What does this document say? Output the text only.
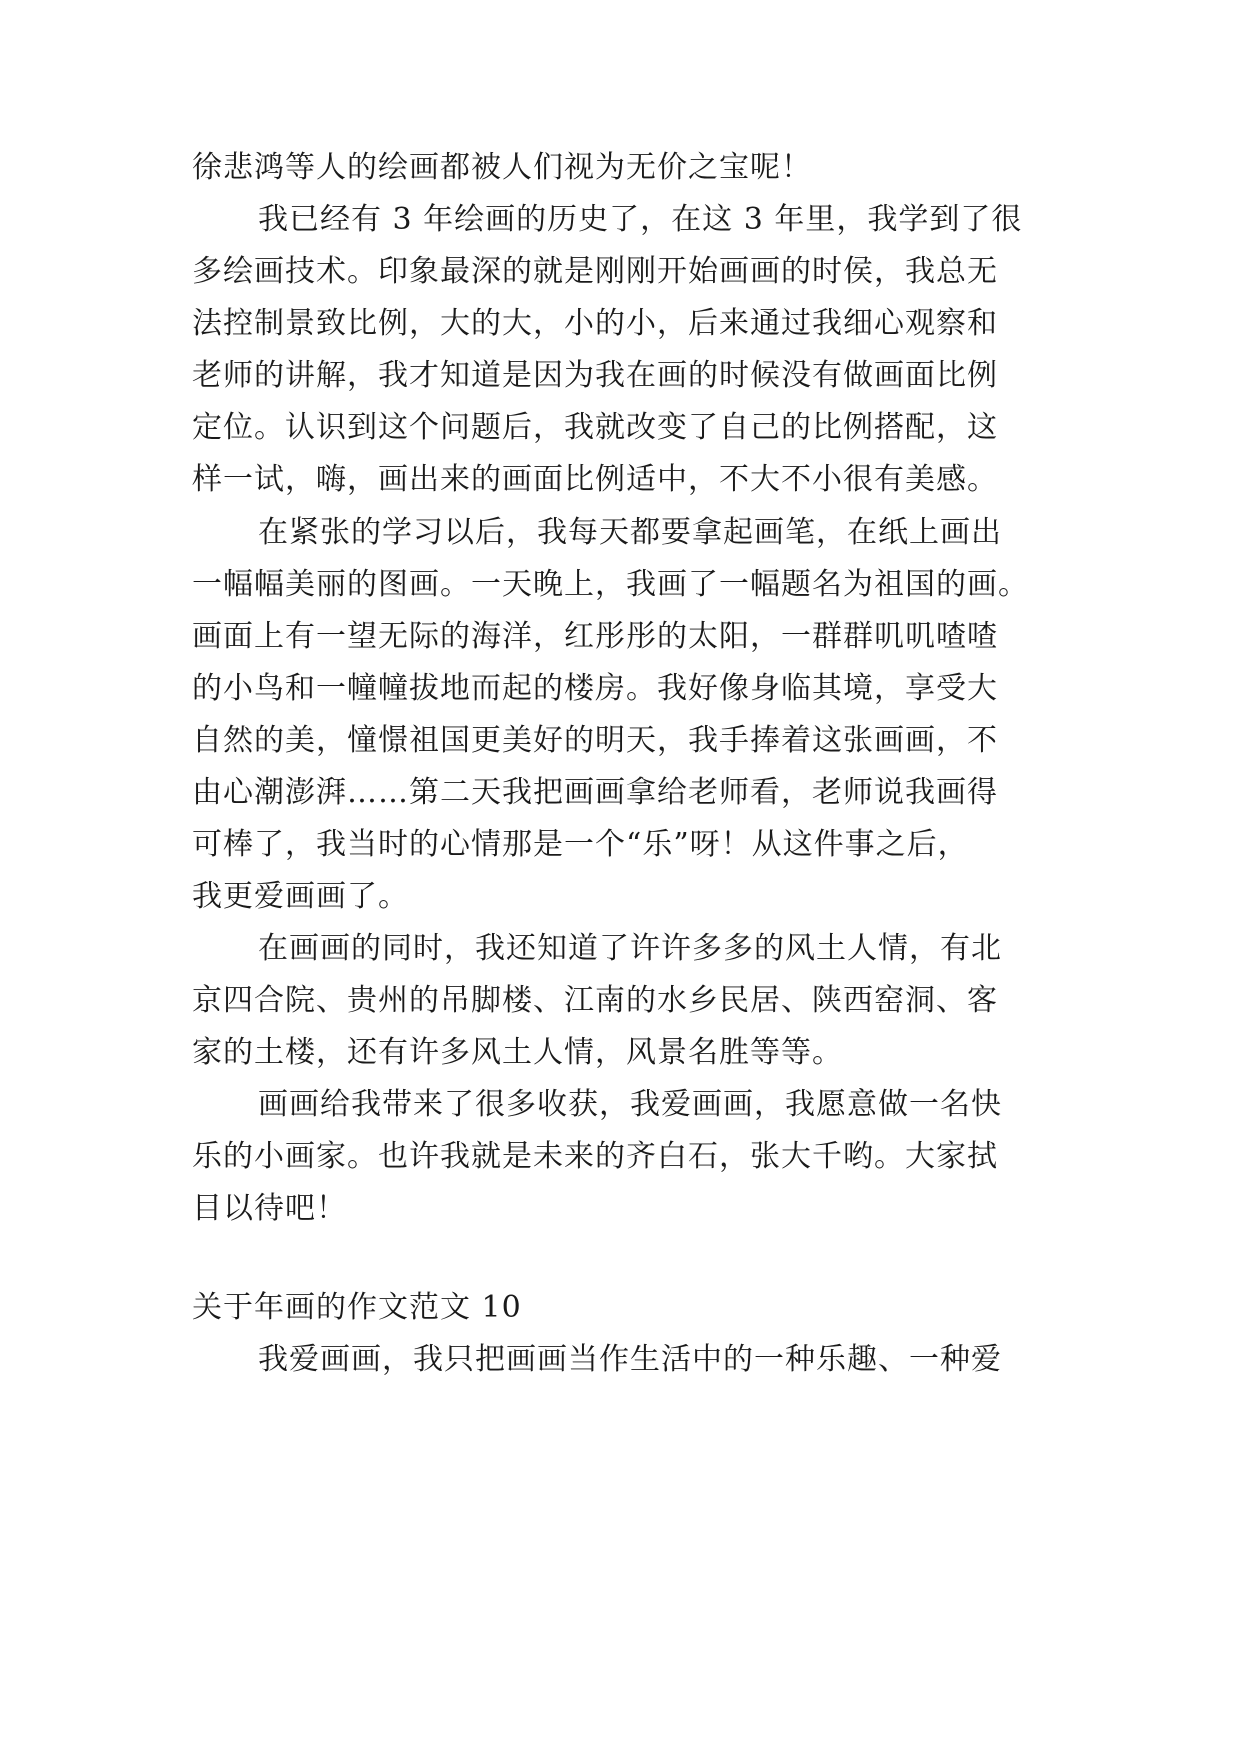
徐悲鸿等人的绘画都被人们视为无价之宝呢！
我已经有 3 年绘画的历史了，在这 3 年里，我学到了很
多绘画技术。印象最深的就是刚刚开始画画的时侯，我总无
法控制景致比例，大的大，小的小，后来通过我细心观察和
老师的讲解，我才知道是因为我在画的时候没有做画面比例
定位。认识到这个问题后，我就改变了自己的比例搭配，这
样一试，嗨，画出来的画面比例适中，不大不小很有美感。
在紧张的学习以后，我每天都要拿起画笔，在纸上画出
一幅幅美丽的图画。一天晚上，我画了一幅题名为祖国的画。
画面上有一望无际的海洋，红彤彤的太阳，一群群叽叽喳喳
的小鸟和一幢幢拔地而起的楼房。我好像身临其境，享受大
自然的美，憧憬祖国更美好的明天，我手捧着这张画画，不
由心潮澎湃……第二天我把画画拿给老师看，老师说我画得
可棒了，我当时的心情那是一个“乐”呀！从这件事之后，
我更爱画画了。
在画画的同时，我还知道了许许多多的风土人情，有北
京四合院、贵州的吊脚楼、江南的水乡民居、陕西窑洞、客
家的土楼，还有许多风土人情，风景名胜等等。
画画给我带来了很多收获，我爱画画，我愿意做一名快
乐的小画家。也许我就是未来的齐白石，张大千哟。大家拭
目以待吧！
关于年画的作文范文 10
我爱画画，我只把画画当作生活中的一种乐趣、一种爱
